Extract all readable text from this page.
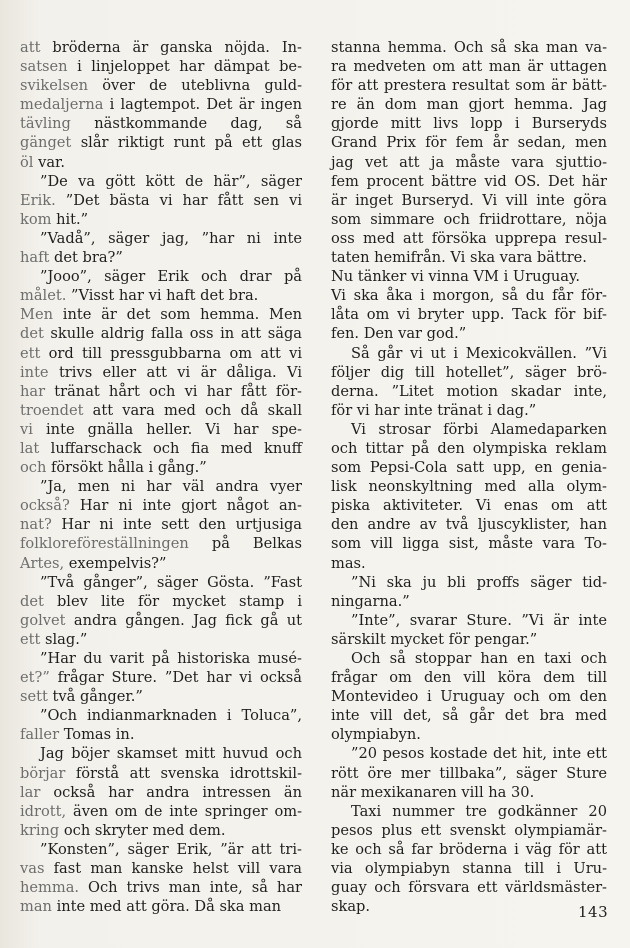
att bröderna är ganska nöjda. In-
satsen i linjeloppet har dämpat be-
svikelsen över de uteblivna guld-
medaljerna i lagtempot. Det är ingen
tävling nästkommande dag, så
gänget slår riktigt runt på ett glas
öl var.
”De va gött kött de här”, säger
Erik. ”Det bästa vi har fått sen vi
kom hit.”
”Vadå”, säger jag, ”har ni inte
haft det bra?”
”Jooo”, säger Erik och drar på
målet. ”Visst har vi haft det bra.
Men inte är det som hemma. Men
det skulle aldrig falla oss in att säga
ett ord till pressgubbarna om att vi
inte trivs eller att vi är dåliga. Vi
har tränat hårt och vi har fått för-
troendet att vara med och då skall
vi inte gnälla heller. Vi har spe-
lat luffarschack och fia med knuff
och försökt hålla i gång.”
”Ja, men ni har väl andra vyer
också? Har ni inte gjort något an-
nat? Har ni inte sett den urtjusiga
folkloreföreställningen på Belkas
Artes, exempelvis?”
”Två gånger”, säger Gösta. ”Fast
det blev lite för mycket stamp i
golvet andra gången. Jag fick gå ut
ett slag.”
”Har du varit på historiska musé-
et?” frågar Sture. ”Det har vi också
sett två gånger.”
”Och indianmarknaden i Toluca”,
faller Tomas in.
Jag böjer skamset mitt huvud och
börjar förstå att svenska idrottskil-
lar också har andra intressen än
idrott, även om de inte springer om-
kring och skryter med dem.
”Konsten”, säger Erik, ”är att tri-
vas fast man kanske helst vill vara
hemma. Och trivs man inte, så har
man inte med att göra. Då ska man
stanna hemma. Och så ska man va-
ra medveten om att man är uttagen
för att prestera resultat som är bätt-
re än dom man gjort hemma. Jag
gjorde mitt livs lopp i Burseryds
Grand Prix för fem år sedan, men
jag vet att ja måste vara sjuttio-
fem procent bättre vid OS. Det här
är inget Burseryd. Vi vill inte göra
som simmare och friidrottare, nöja
oss med att försöka upprepa resul-
taten hemifrån. Vi ska vara bättre.
Nu tänker vi vinna VM i Uruguay.
Vi ska åka i morgon, så du får för-
låta om vi bryter upp. Tack för bif-
fen. Den var god.”
Så går vi ut i Mexicokvällen. ”Vi
följer dig till hotellet”, säger brö-
derna. ”Litet motion skadar inte,
för vi har inte tränat i dag.”
Vi strosar förbi Alamedaparken
och tittar på den olympiska reklam
som Pepsi-Cola satt upp, en genia-
lisk neonskyltning med alla olym-
piska aktiviteter. Vi enas om att
den andre av två ljuscyklister, han
som vill ligga sist, måste vara To-
mas.
”Ni ska ju bli proffs säger tid-
ningarna.”
”Inte”, svarar Sture. ”Vi är inte
särskilt mycket för pengar.”
Och så stoppar han en taxi och
frågar om den vill köra dem till
Montevideo i Uruguay och om den
inte vill det, så går det bra med
olympiabyn.
”20 pesos kostade det hit, inte ett
rött öre mer tillbaka”, säger Sture
när mexikanaren vill ha 30.
Taxi nummer tre godkänner 20
pesos plus ett svenskt olympiamär-
ke och så far bröderna i väg för att
via olympiabyn stanna till i Uru-
guay och försvara ett världsmäster-
skap.	143
